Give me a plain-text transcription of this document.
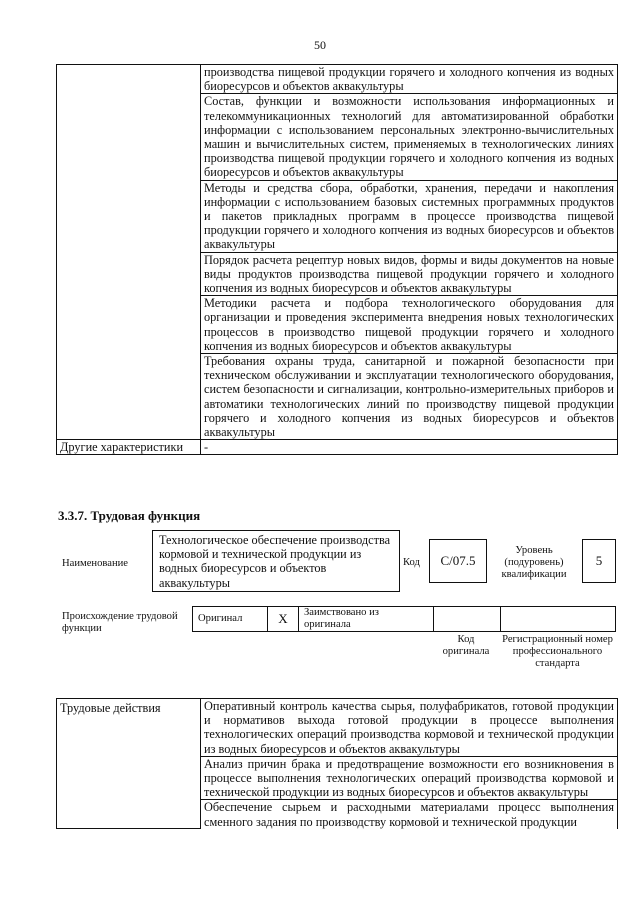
50
	производства пищевой продукции горячего и холодного копчения из водных биоресурсов и объектов аквакультуры
	Состав, функции и возможности использования информационных и телекоммуникационных технологий для автоматизированной обработки информации с использованием персональных электронно-вычислительных машин и вычислительных систем, применяемых в технологических линиях производства пищевой продукции горячего и холодного копчения из водных биоресурсов и объектов аквакультуры
	Методы и средства сбора, обработки, хранения, передачи и накопления информации с использованием базовых системных программных продуктов и пакетов прикладных программ в процессе производства пищевой продукции горячего и холодного копчения из водных биоресурсов и объектов аквакультуры
	Порядок расчета рецептур новых видов, формы и виды документов на новые виды продуктов производства пищевой продукции горячего и холодного копчения из водных биоресурсов и объектов аквакультуры
	Методики расчета и подбора технологического оборудования для организации и проведения эксперимента внедрения новых технологических процессов в производство пищевой продукции горячего и холодного копчения из водных биоресурсов и объектов аквакультуры
	Требования охраны труда, санитарной и пожарной безопасности при техническом обслуживании и эксплуатации технологического оборудования, систем безопасности и сигнализации, контрольно-измерительных приборов и автоматики технологических линий по производству пищевой продукции горячего и холодного копчения из водных биоресурсов и объектов аквакультуры
Другие характеристики	-
3.3.7. Трудовая функция
Наименование
Технологическое обеспечение производства кормовой и технической продукции из водных биоресурсов и объектов аквакультуры
Код	С/07.5
Уровень (подуровень) квалификации
5
Происхождение трудовой функции
Оригинал	X	Заимствовано из оригинала		
Код оригинала
Регистрационный номер профессионального стандарта
Трудовые действия	Оперативный контроль качества сырья, полуфабрикатов, готовой продукции и нормативов выхода готовой продукции в процессе выполнения технологических операций производства кормовой и технической продукции из водных биоресурсов и объектов аквакультуры
Анализ причин брака и предотвращение возможности его возникновения в процессе выполнения технологических операций производства кормовой и технической продукции из водных биоресурсов и объектов аквакультуры
Обеспечение сырьем и расходными материалами процесс выполнения сменного задания по производству кормовой и технической продукции
